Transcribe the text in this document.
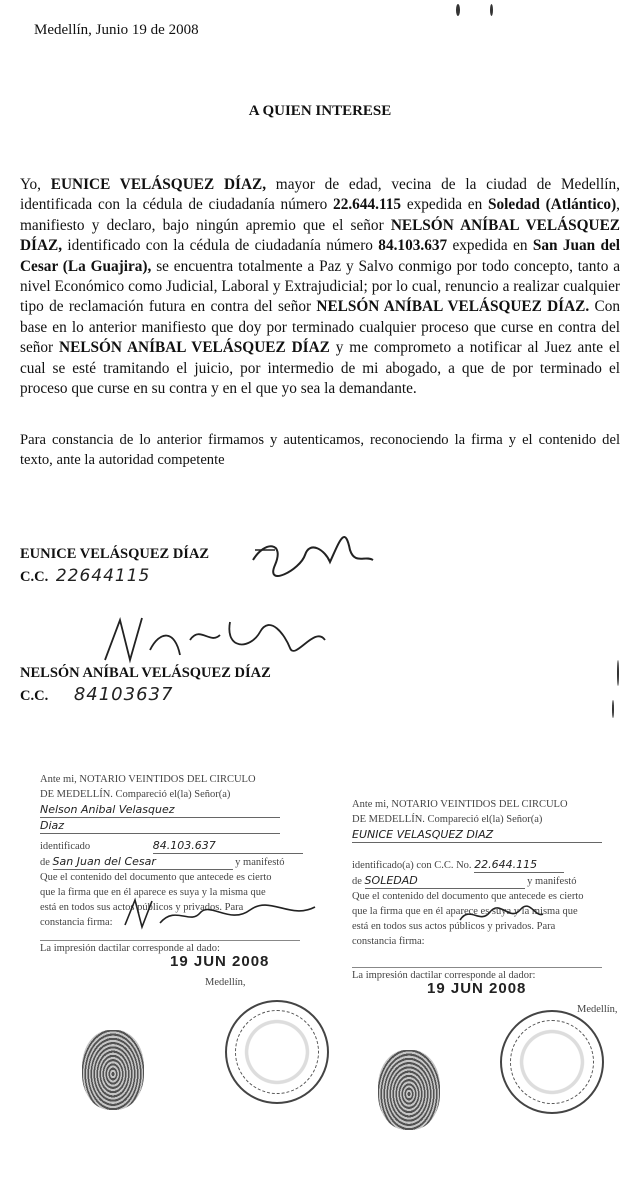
Medellín, Junio 19 de 2008
A QUIEN INTERESE
Yo, EUNICE VELÁSQUEZ DÍAZ, mayor de edad, vecina de la ciudad de Medellín, identificada con la cédula de ciudadanía número 22.644.115 expedida en Soledad (Atlántico), manifiesto y declaro, bajo ningún apremio que el señor NELSÓN ANÍBAL VELÁSQUEZ DÍAZ, identificado con la cédula de ciudadanía número 84.103.637 expedida en San Juan del Cesar (La Guajira), se encuentra totalmente a Paz y Salvo conmigo por todo concepto, tanto a nivel Económico como Judicial, Laboral y Extrajudicial; por lo cual, renuncio a realizar cualquier tipo de reclamación futura en contra del señor NELSÓN ANÍBAL VELÁSQUEZ DÍAZ. Con base en lo anterior manifiesto que doy por terminado cualquier proceso que curse en contra del señor NELSÓN ANÍBAL VELÁSQUEZ DÍAZ y me comprometo a notificar al Juez ante el cual se esté tramitando el juicio, por intermedio de mi abogado, a que de por terminado el proceso que curse en su contra y en el que yo sea la demandante.
Para constancia de lo anterior firmamos y autenticamos, reconociendo la firma y el contenido del texto, ante la autoridad competente
EUNICE VELÁSQUEZ DÍAZ
C.C. 22644115
NELSÓN ANÍBAL VELÁSQUEZ DÍAZ
C.C. 84103637
Ante mi, NOTARIO VEINTIDOS DEL CIRCULO
DE MEDELLÍN. Compareció el(la) Señor(a)
Nelson Anibal Velasquez
Diaz
identificado	84.103.637
de San Juan del Cesar	y manifestó
Que el contenido del documento que antecede es cierto
que la firma que en él aparece es suya y la misma que
está en todos sus actos públicos y privados. Para
constancia firma:
La impresión dactilar corresponde al dado:
19 JUN 2008
Medellín,
Ante mi, NOTARIO VEINTIDOS DEL CIRCULO
DE MEDELLÍN. Compareció el(la) Señor(a)
EUNICE VELASQUEZ DIAZ
identificado(a) con C.C. No. 22.644.115
de SOLEDAD	y manifestó
Que el contenido del documento que antecede es cierto
que la firma que en él aparece es suya y la misma que
está en todos sus actos públicos y privados. Para
constancia firma:
La impresión dactilar corresponde al dador:
19 JUN 2008
Medellín,
